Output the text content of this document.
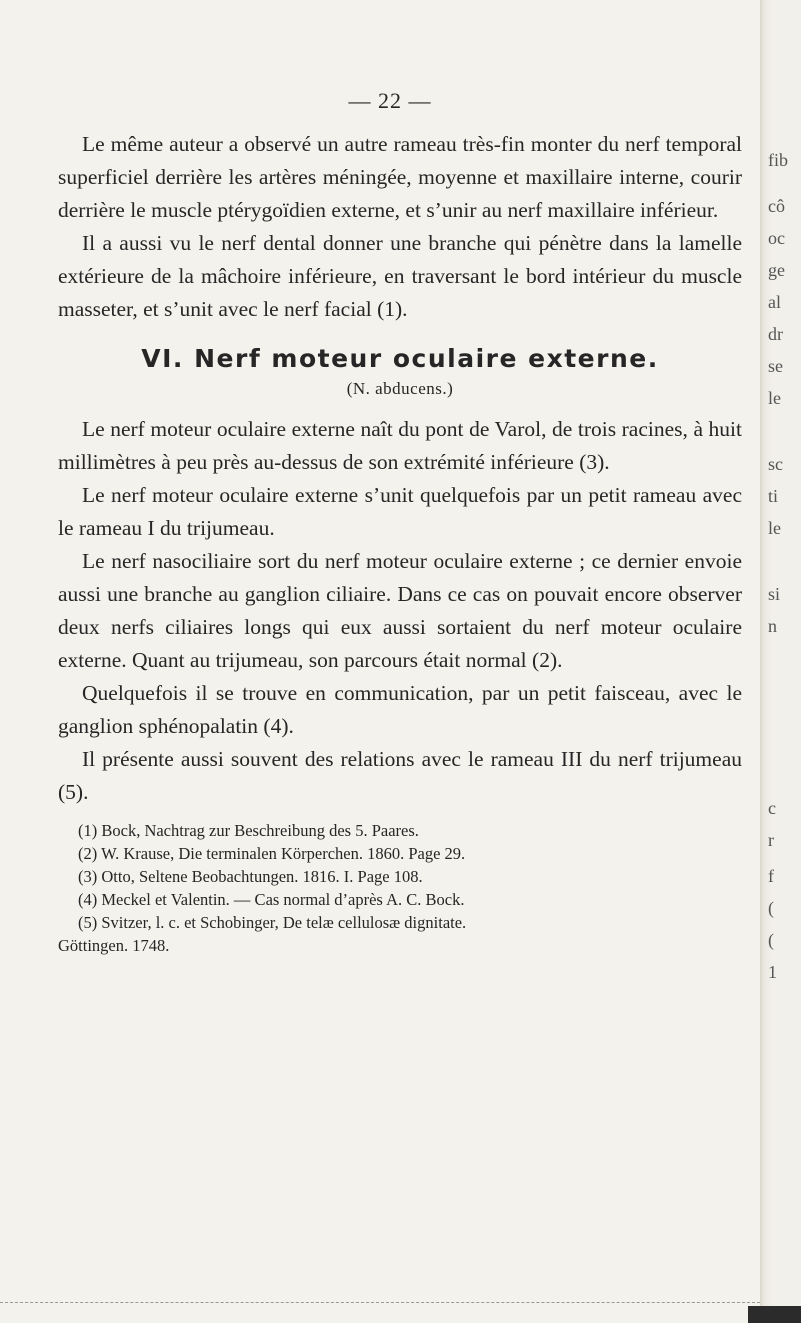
— 22 —

Le même auteur a observé un autre rameau très-fin monter du nerf temporal superficiel derrière les artères méningée, moyenne et maxillaire interne, courir derrière le muscle ptérygoïdien externe, et s’unir au nerf maxillaire inférieur.

Il a aussi vu le nerf dental donner une branche qui pénètre dans la lamelle extérieure de la mâchoire inférieure, en traversant le bord intérieur du muscle masseter, et s’unit avec le nerf facial (1).

VI. Nerf moteur oculaire externe.
(N. abducens.)

Le nerf moteur oculaire externe naît du pont de Varol, de trois racines, à huit millimètres à peu près au-dessus de son extrémité inférieure (3).

Le nerf moteur oculaire externe s’unit quelquefois par un petit rameau avec le rameau I du trijumeau.

Le nerf nasociliaire sort du nerf moteur oculaire externe ; ce dernier envoie aussi une branche au ganglion ciliaire. Dans ce cas on pouvait encore observer deux nerfs ciliaires longs qui eux aussi sortaient du nerf moteur oculaire externe. Quant au trijumeau, son parcours était normal (2).

Quelquefois il se trouve en communication, par un petit faisceau, avec le ganglion sphénopalatin (4).

Il présente aussi souvent des relations avec le rameau III du nerf trijumeau (5).

(1) Bock, Nachtrag zur Beschreibung des 5. Paares.

(2) W. Krause, Die terminalen Körperchen. 1860. Page 29.

(3) Otto, Seltene Beobachtungen. 1816. I. Page 108.

(4) Meckel et Valentin. — Cas normal d’après A. C. Bock.

(5) Svitzer, l. c. et Schobinger, De telæ cellulosæ dignitate.

Göttingen. 1748.

fib
cô
oc
ge
al
dr
se
le
sc
ti
le
si
n
c
r
f
(
(
1
